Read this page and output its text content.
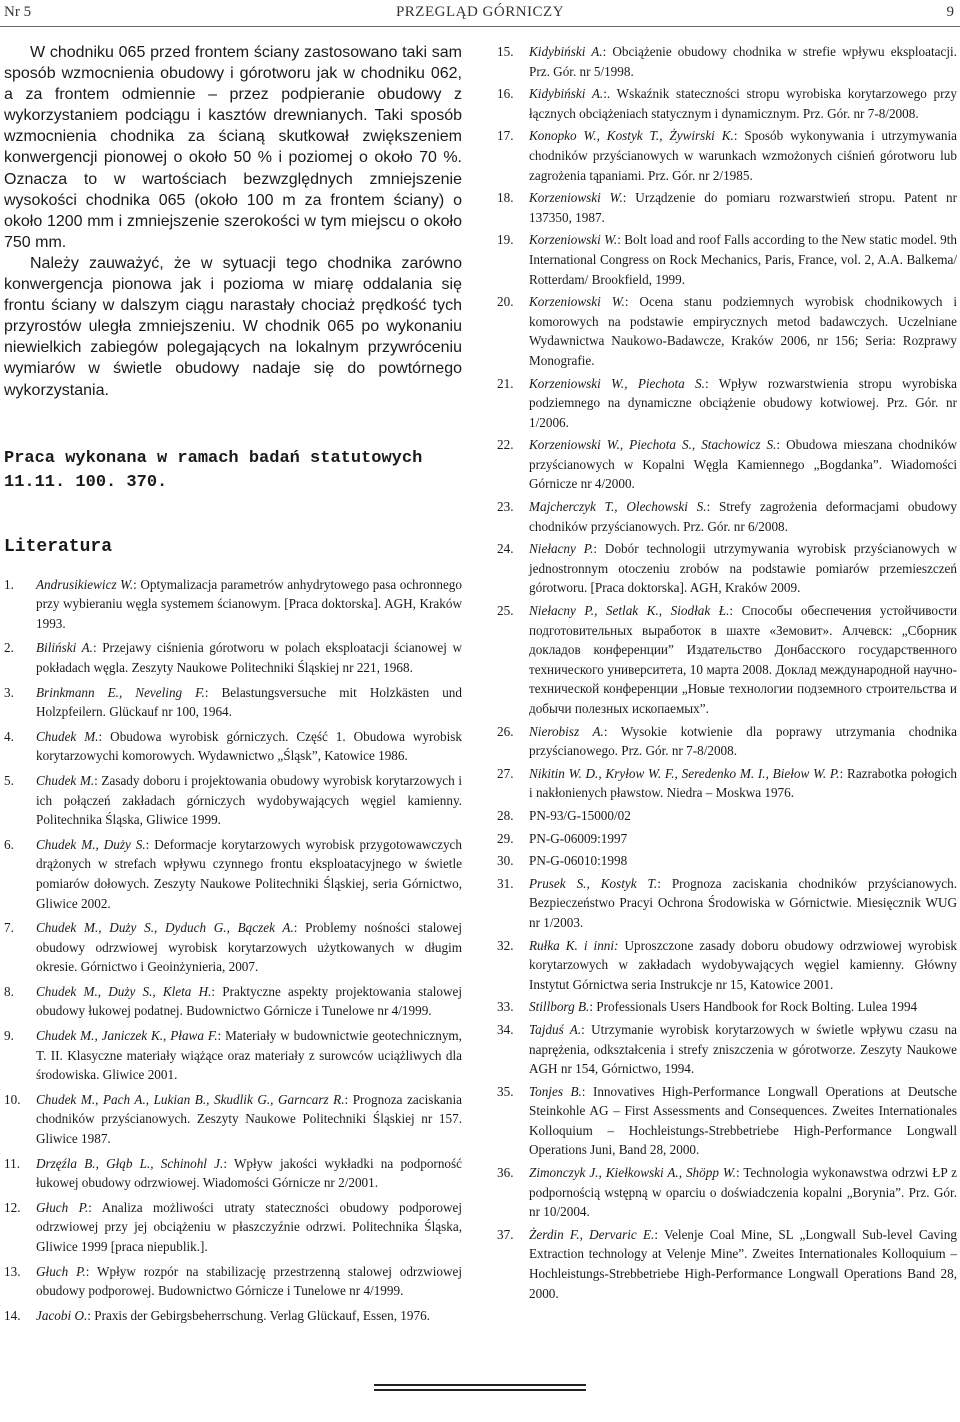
PRZEGLĄD GÓRNICZY
Nr 5	9

W chodniku 065 przed frontem ściany zastosowano taki sam sposób wzmocnienia obudowy i górotworu jak w chodniku 062, a za frontem odmiennie – przez podpieranie obudowy z wykorzystaniem podciągu i kasztów drewnianych. Taki sposób wzmocnienia chodnika za ścianą skutkował zwiększeniem konwergencji pionowej o około 50 % i poziomej o około 70 %. Oznacza to w wartościach bezwzględnych zmniejszenie wysokości chodnika 065 (około 100 m za frontem ściany) o około 1200 mm i zmniejszenie szerokości w tym miejscu o około 750 mm.

Należy zauważyć, że w sytuacji tego chodnika zarówno konwergencja pionowa jak i pozioma w miarę oddalania się frontu ściany w dalszym ciągu narastały chociaż prędkość tych przyrostów uległa zmniejszeniu. W chodnik 065 po wykonaniu niewielkich zabiegów polegających na lokalnym przywróceniu wymiarów w świetle obudowy nadaje się do powtórnego wykorzystania.

Praca wykonana w ramach badań statutowych 11.11. 100. 370.

Literatura
1. Andrusikiewicz W.: Optymalizacja parametrów anhydrytowego pasa ochronnego przy wybieraniu węgla systemem ścianowym. [Praca doktorska]. AGH, Kraków 1993.
2. Biliński A.: Przejawy ciśnienia górotworu w polach eksploatacji ścianowej w pokładach węgla. Zeszyty Naukowe Politechniki Śląskiej nr 221, 1968.
3. Brinkmann E., Neveling F.: Belastungsversuche mit Holzkästen und Holzpfeilern. Glückauf nr 100, 1964.
4. Chudek M.: Obudowa wyrobisk górniczych. Część 1. Obudowa wyrobisk korytarzowychi komorowych. Wydawnictwo „Śląsk”, Katowice 1986.
5. Chudek M.: Zasady doboru i projektowania obudowy wyrobisk korytarzowych i ich połączeń zakładach górniczych wydobywających węgiel kamienny. Politechnika Śląska, Gliwice 1999.
6. Chudek M., Duży S.: Deformacje korytarzowych wyrobisk przygotowawczych drążonych w strefach wpływu czynnego frontu eksploatacyjnego w świetle pomiarów dołowych. Zeszyty Naukowe Politechniki Śląskiej, seria Górnictwo, Gliwice 2002.
7. Chudek M., Duży S., Dyduch G., Bączek A.: Problemy nośności stalowej obudowy odrzwiowej wyrobisk korytarzowych użytkowanych w długim okresie. Górnictwo i Geoinżynieria, 2007.
8. Chudek M., Duży S., Kleta H.: Praktyczne aspekty projektowania stalowej obudowy łukowej podatnej. Budownictwo Górnicze i Tunelowe nr 4/1999.
9. Chudek M., Janiczek K., Pławа F.: Materiały w budownictwie geotechnicznym, T. II. Klasyczne materiały wiążące oraz materiały z surowców uciążliwych dla środowiska. Gliwice 2001.
10. Chudek M., Pach A., Lukian B., Skudlik G., Garncarz R.: Prognoza zaciskania chodników przyścianowych. Zeszyty Naukowe Politechniki Śląskiej nr 157. Gliwice 1987.
11. Drzęźla B., Głąb L., Schinohl J.: Wpływ jakości wykładki na podporność łukowej obudowy odrzwiowej. Wiadomości Górnicze nr 2/2001.
12. Głuch P.: Analiza możliwości utraty stateczności obudowy podporowej odrzwiowej przy jej obciążeniu w płaszczyźnie odrzwi. Politechnika Śląska, Gliwice 1999 [praca niepublik.].
13. Głuch P.: Wpływ rozpór na stabilizację przestrzenną stalowej odrzwiowej obudowy podporowej. Budownictwo Górnicze i Tunelowe nr 4/1999.
14. Jacobi O.: Praxis der Gebirgsbeherrschung. Verlag Glückauf, Essen, 1976.
15. Kidybiński A.: Obciążenie obudowy chodnika w strefie wpływu eksploatacji. Prz. Gór. nr 5/1998.
16. Kidybiński A.:. Wskaźnik stateczności stropu wyrobiska korytarzowego przy łącznych obciążeniach statycznym i dynamicznym. Prz. Gór. nr 7-8/2008.
17. Konopko W., Kostyk T., Żywirski K.: Sposób wykonywania i utrzymywania chodników przyścianowych w warunkach wzmożonych ciśnień górotworu lub zagrożenia tąpaniami. Prz. Gór. nr 2/1985.
18. Korzeniowski W.: Urządzenie do pomiaru rozwarstwień stropu. Patent nr 137350, 1987.
19. Korzeniowski W.: Bolt load and roof Falls according to the New static model. 9th International Congress on Rock Mechanics, Paris, France, vol. 2, A.A. Balkema/ Rotterdam/ Brookfield, 1999.
20. Korzeniowski W.: Ocena stanu podziemnych wyrobisk chodnikowych i komorowych na podstawie empirycznych metod badawczych. Uczelniane Wydawnictwa Naukowo-Badawcze, Kraków 2006, nr 156; Seria: Rozprawy Monografie.
21. Korzeniowski W., Piechota S.: Wpływ rozwarstwienia stropu wyrobiska podziemnego na dynamiczne obciążenie obudowy kotwiowej. Prz. Gór. nr 1/2006.
22. Korzeniowski W., Piechota S., Stachowicz S.: Obudowa mieszana chodników przyścianowych w Kopalni Węgla Kamiennego „Bogdanka”. Wiadomości Górnicze nr 4/2000.
23. Majcherczyk T., Olechowski S.: Strefy zagrożenia deformacjami obudowy chodników przyścianowych. Prz. Gór. nr 6/2008.
24. Niełacny P.: Dobór technologii utrzymywania wyrobisk przyścianowych w jednostronnym otoczeniu zrobów na podstawie pomiarów przemieszczeń górotworu. [Praca doktorska]. AGH, Kraków 2009.
25. Niełacny P., Setlak K., Siodłak Ł.: Способы обеспечения устойчивости подготовительных выработок в шахте «Земовит». Алчевск: „Сборник докладов конференции” Издательство Донбасского государственного технического университета, 10 марта 2008. Доклад международной научно-технической конференции „Новые технологии подземного строительства и добычи полезных ископаемых”.
26. Nierobisz A.: Wysokie kotwienie dla poprawy utrzymania chodnika przyścianowego. Prz. Gór. nr 7-8/2008.
27. Nikitin W. D., Kryłow W. F., Seredenko M. I., Biełow W. P.: Razrabotka połogich i nakłonienych pławstow. Niedra – Moskwa 1976.
28. PN-93/G-15000/02
29. PN-G-06009:1997
30. PN-G-06010:1998
31. Prusek S., Kostyk T.: Prognoza zaciskania chodników przyścianowych. Bezpieczeństwo Pracyi Ochrona Środowiska w Górnictwie. Miesięcznik WUG nr 1/2003.
32. Rułka K. i inni: Uproszczone zasady doboru obudowy odrzwiowej wyrobisk korytarzowych w zakładach wydobywających węgiel kamienny. Główny Instytut Górnictwa seria Instrukcje nr 15, Katowice 2001.
33. Stillborg B.: Professionals Users Handbook for Rock Bolting. Lulea 1994
34. Tajduś A.: Utrzymanie wyrobisk korytarzowych w świetle wpływu czasu na naprężenia, odkształcenia i strefy zniszczenia w górotworze. Zeszyty Naukowe AGH nr 154, Górnictwo, 1994.
35. Tonjes B.: Innovatives High-Performance Longwall Operations at Deutsche Steinkohle AG – First Assessments and Consequences. Zweites Internationales Kolloquium – Hochleistungs-Strebbetriebe High-Performance Longwall Operations Juni, Band 28, 2000.
36. Zimonczyk J., Kiełkowski A., Shöpp W.: Technologia wykonawstwa odrzwi ŁP z podpornością wstępną w oparciu o doświadczenia kopalni „Borynia”. Prz. Gór. nr 10/2004.
37. Żerdin F., Dervaric E.: Velenje Coal Mine, SL „Longwall Sub-level Caving Extraction technology at Velenje Mine”. Zweites Internationales Kolloquium – Hochleistungs-Strebbetriebe High-Performance Longwall Operations Band 28, 2000.
